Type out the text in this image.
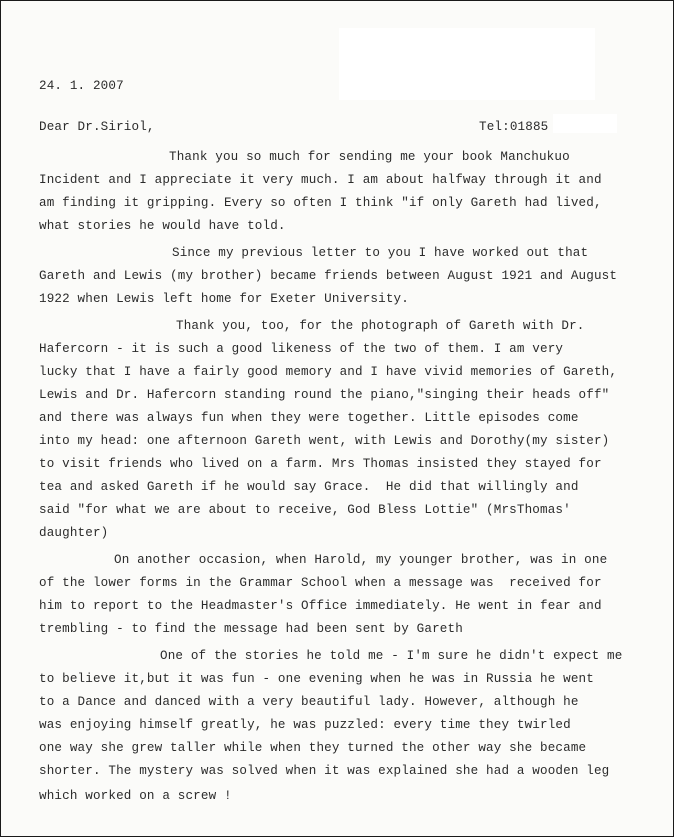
24. 1. 2007
Dear Dr.Siriol,	Tel:01885
Thank you so much for sending me your book Manchukuo
Incident and I appreciate it very much. I am about halfway through it and
am finding it gripping. Every so often I think "if only Gareth had lived,
what stories he would have told.
Since my previous letter to you I have worked out that
Gareth and Lewis (my brother) became friends between August 1921 and August
1922 when Lewis left home for Exeter University.
Thank you, too, for the photograph of Gareth with Dr.
Hafercorn - it is such a good likeness of the two of them. I am very
lucky that I have a fairly good memory and I have vivid memories of Gareth,
Lewis and Dr. Hafercorn standing round the piano,"singing their heads off"
and there was always fun when they were together. Little episodes come
into my head: one afternoon Gareth went, with Lewis and Dorothy(my sister)
to visit friends who lived on a farm. Mrs Thomas insisted they stayed for
tea and asked Gareth if he would say Grace.  He did that willingly and
said "for what we are about to receive, God Bless Lottie" (MrsThomas'
daughter)
On another occasion, when Harold, my younger brother, was in one
of the lower forms in the Grammar School when a message was  received for
him to report to the Headmaster's Office immediately. He went in fear and
trembling - to find the message had been sent by Gareth
One of the stories he told me - I'm sure he didn't expect me
to believe it,but it was fun - one evening when he was in Russia he went
to a Dance and danced with a very beautiful lady. However, although he
was enjoying himself greatly, he was puzzled: every time they twirled
one way she grew taller while when they turned the other way she became
shorter. The mystery was solved when it was explained she had a wooden leg
which worked on a screw !
